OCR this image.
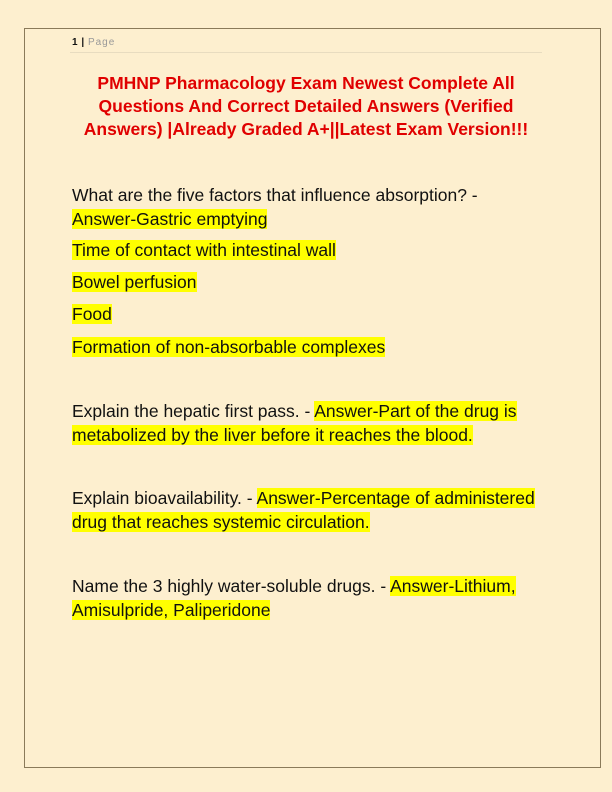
1 | Page
PMHNP Pharmacology Exam Newest Complete All Questions And Correct Detailed Answers (Verified Answers) |Already Graded A+||Latest Exam Version!!!
What are the five factors that influence absorption? -
Answer-Gastric emptying
Time of contact with intestinal wall
Bowel perfusion
Food
Formation of non-absorbable complexes
Explain the hepatic first pass. - Answer-Part of the drug is metabolized by the liver before it reaches the blood.
Explain bioavailability. - Answer-Percentage of administered drug that reaches systemic circulation.
Name the 3 highly water-soluble drugs. - Answer-Lithium, Amisulpride, Paliperidone
